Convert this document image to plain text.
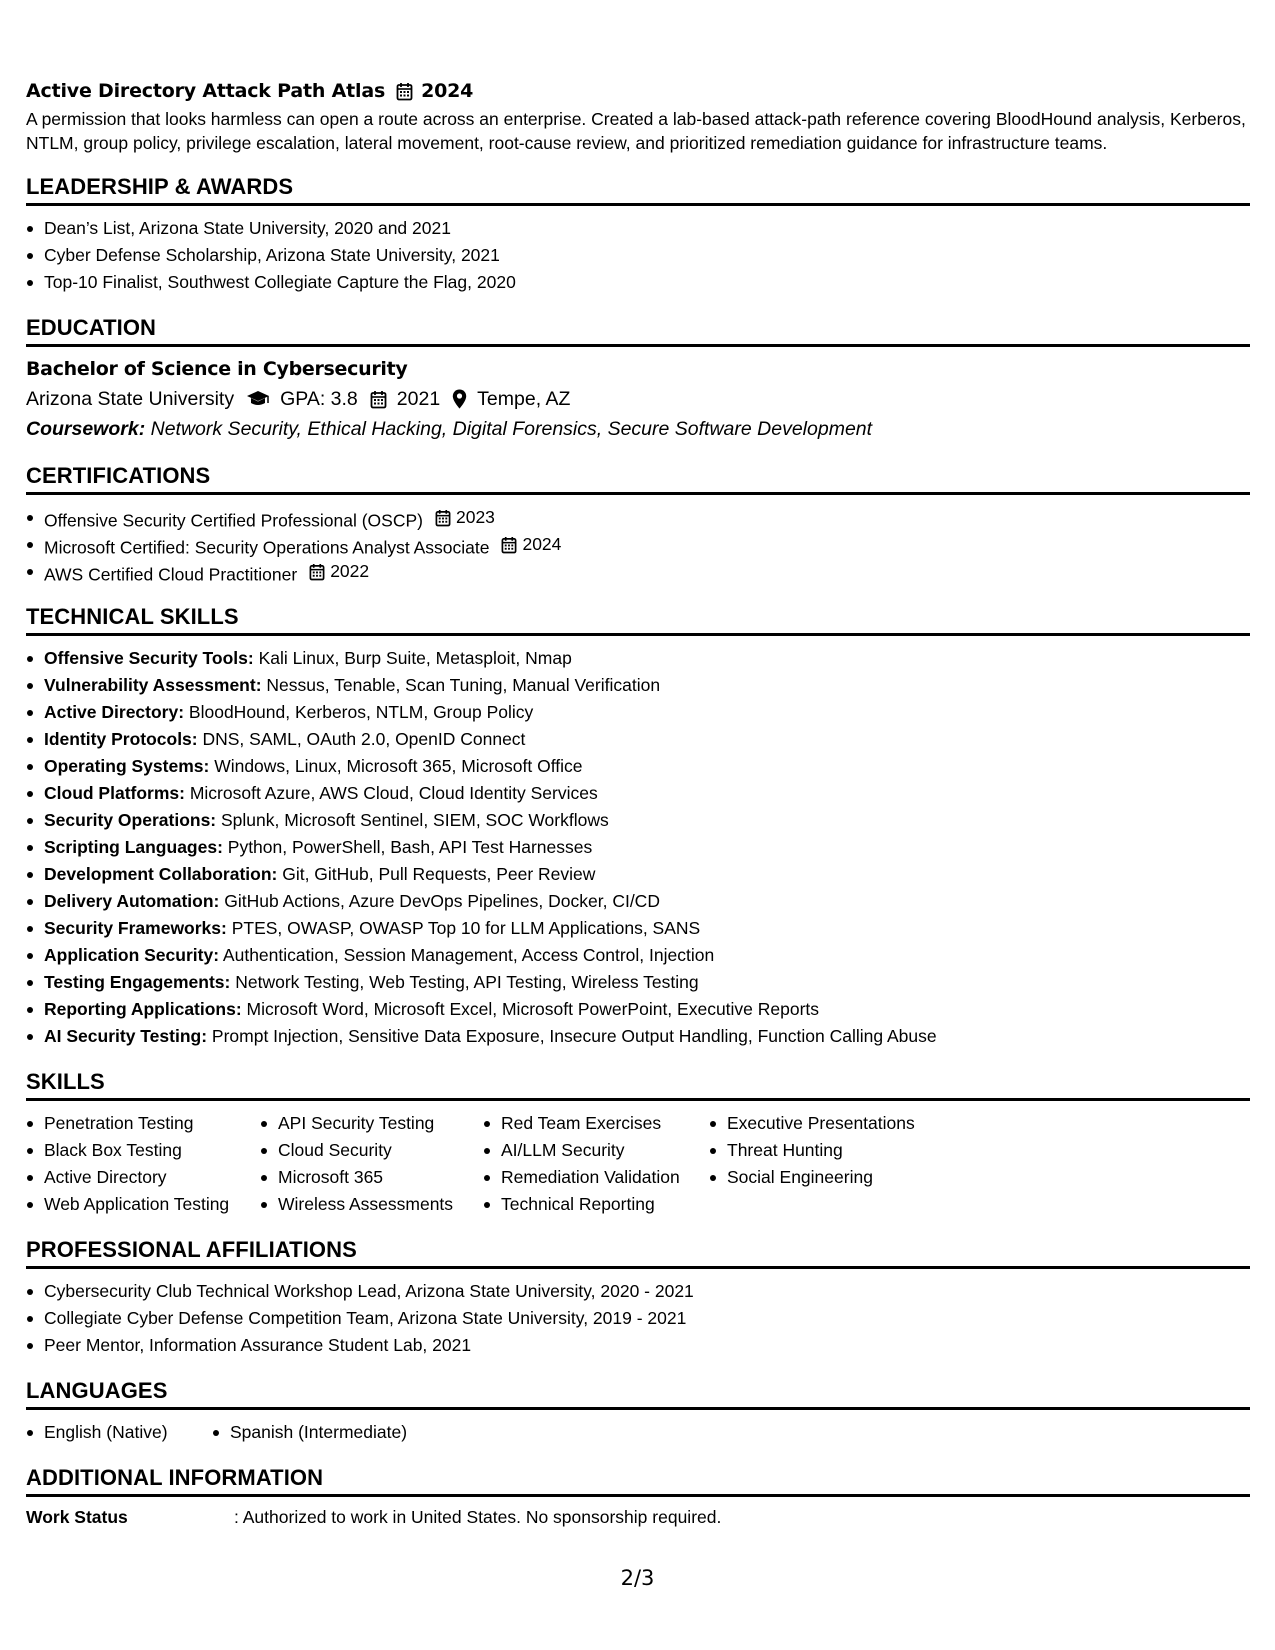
Active Directory Attack Path Atlas 2024
A permission that looks harmless can open a route across an enterprise. Created a lab-based attack-path reference covering BloodHound analysis, Kerberos, NTLM, group policy, privilege escalation, lateral movement, root-cause review, and prioritized remediation guidance for infrastructure teams.
LEADERSHIP & AWARDS
Dean’s List, Arizona State University, 2020 and 2021
Cyber Defense Scholarship, Arizona State University, 2021
Top-10 Finalist, Southwest Collegiate Capture the Flag, 2020
EDUCATION
Bachelor of Science in Cybersecurity
Arizona State University GPA: 3.8 2021 Tempe, AZ
Coursework: Network Security, Ethical Hacking, Digital Forensics, Secure Software Development
CERTIFICATIONS
Offensive Security Certified Professional (OSCP) 2023
Microsoft Certified: Security Operations Analyst Associate 2024
AWS Certified Cloud Practitioner 2022
TECHNICAL SKILLS
Offensive Security Tools: Kali Linux, Burp Suite, Metasploit, Nmap
Vulnerability Assessment: Nessus, Tenable, Scan Tuning, Manual Verification
Active Directory: BloodHound, Kerberos, NTLM, Group Policy
Identity Protocols: DNS, SAML, OAuth 2.0, OpenID Connect
Operating Systems: Windows, Linux, Microsoft 365, Microsoft Office
Cloud Platforms: Microsoft Azure, AWS Cloud, Cloud Identity Services
Security Operations: Splunk, Microsoft Sentinel, SIEM, SOC Workflows
Scripting Languages: Python, PowerShell, Bash, API Test Harnesses
Development Collaboration: Git, GitHub, Pull Requests, Peer Review
Delivery Automation: GitHub Actions, Azure DevOps Pipelines, Docker, CI/CD
Security Frameworks: PTES, OWASP, OWASP Top 10 for LLM Applications, SANS
Application Security: Authentication, Session Management, Access Control, Injection
Testing Engagements: Network Testing, Web Testing, API Testing, Wireless Testing
Reporting Applications: Microsoft Word, Microsoft Excel, Microsoft PowerPoint, Executive Reports
AI Security Testing: Prompt Injection, Sensitive Data Exposure, Insecure Output Handling, Function Calling Abuse
SKILLS
Penetration Testing
Black Box Testing
Active Directory
Web Application Testing
API Security Testing
Cloud Security
Microsoft 365
Wireless Assessments
Red Team Exercises
AI/LLM Security
Remediation Validation
Technical Reporting
Executive Presentations
Threat Hunting
Social Engineering
PROFESSIONAL AFFILIATIONS
Cybersecurity Club Technical Workshop Lead, Arizona State University, 2020 - 2021
Collegiate Cyber Defense Competition Team, Arizona State University, 2019 - 2021
Peer Mentor, Information Assurance Student Lab, 2021
LANGUAGES
English (Native)	Spanish (Intermediate)
ADDITIONAL INFORMATION
Work Status	: Authorized to work in United States. No sponsorship required.
2/3
